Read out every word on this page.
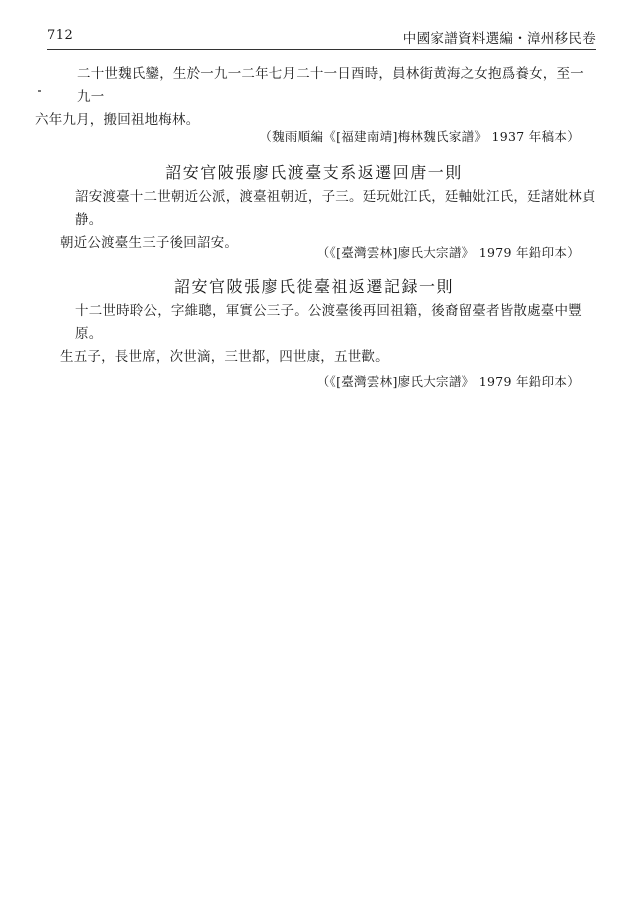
712	中國家譜資料選編・漳州移民卷
二十世魏氏鑾，生於一九一二年七月二十一日酉時，員林街黄海之女抱爲養女，至一九一
六年九月，搬回祖地梅林。

（魏雨順編《[福建南靖]梅林魏氏家譜》 1937 年稿本）

詔安官陂張廖氏渡臺支系返遷回唐一則
詔安渡臺十二世朝近公派，渡臺祖朝近，子三。廷玩妣江氏，廷軸妣江氏，廷諸妣林貞静。
朝近公渡臺生三子後回詔安。

（《[臺灣雲林]廖氏大宗譜》 1979 年鉛印本）

詔安官陂張廖氏徙臺祖返遷記録一則
十二世時聆公，字維聰，軍實公三子。公渡臺後再回祖籍，後裔留臺者皆散處臺中豐原。
生五子，長世席，次世滴，三世都，四世康，五世歡。

（《[臺灣雲林]廖氏大宗譜》 1979 年鉛印本）
